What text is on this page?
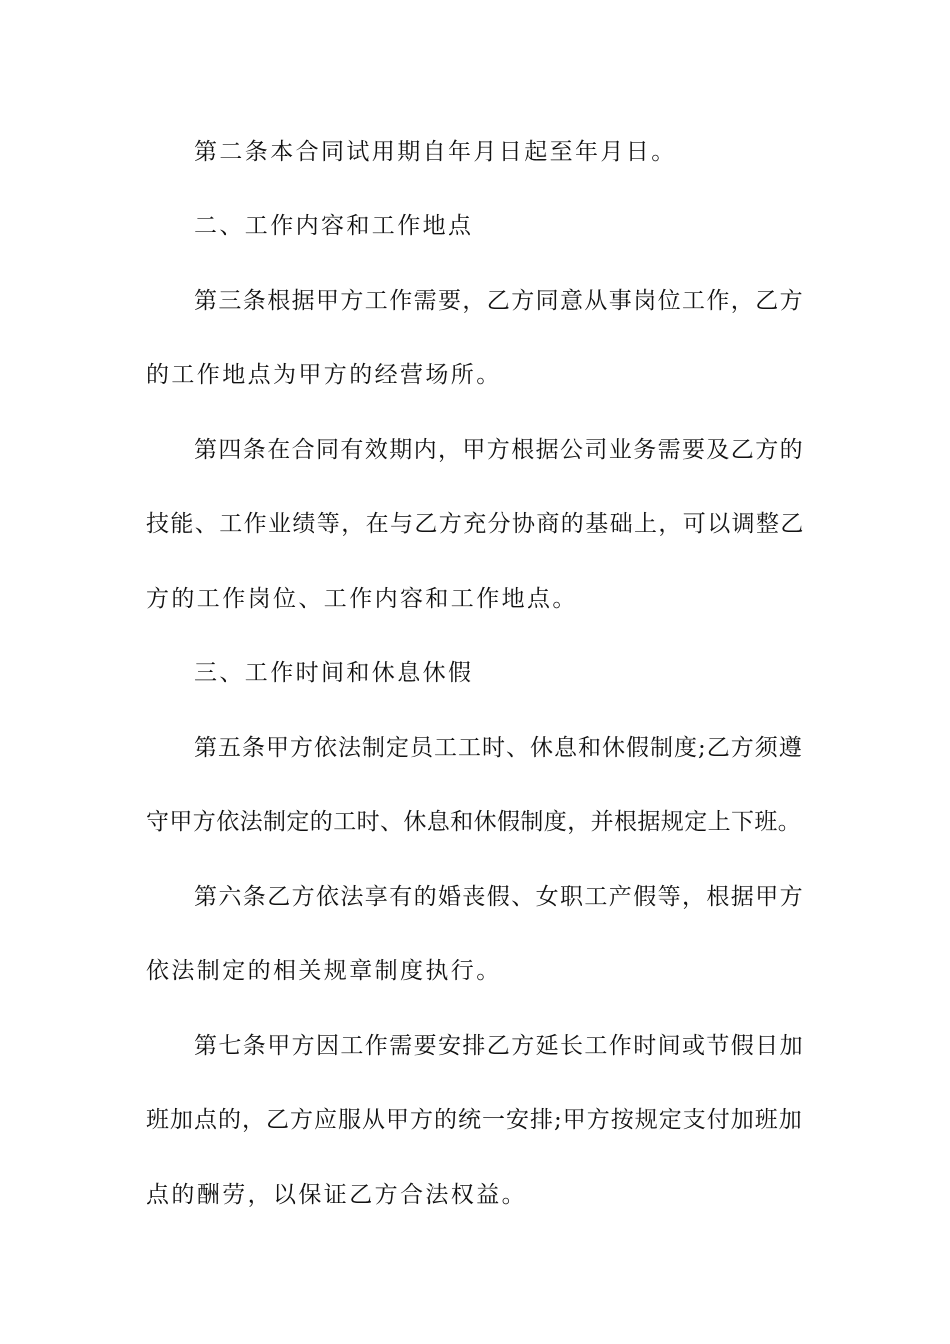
第二条本合同试用期自年月日起至年月日。

二、工作内容和工作地点

第三条根据甲方工作需要，乙方同意从事岗位工作，乙方

的工作地点为甲方的经营场所。

第四条在合同有效期内，甲方根据公司业务需要及乙方的

技能、工作业绩等，在与乙方充分协商的基础上，可以调整乙

方的工作岗位、工作内容和工作地点。

三、工作时间和休息休假

第五条甲方依法制定员工工时、休息和休假制度;乙方须遵

守甲方依法制定的工时、休息和休假制度，并根据规定上下班。

第六条乙方依法享有的婚丧假、女职工产假等，根据甲方

依法制定的相关规章制度执行。

第七条甲方因工作需要安排乙方延长工作时间或节假日加

班加点的，乙方应服从甲方的统一安排;甲方按规定支付加班加

点的酬劳，以保证乙方合法权益。
